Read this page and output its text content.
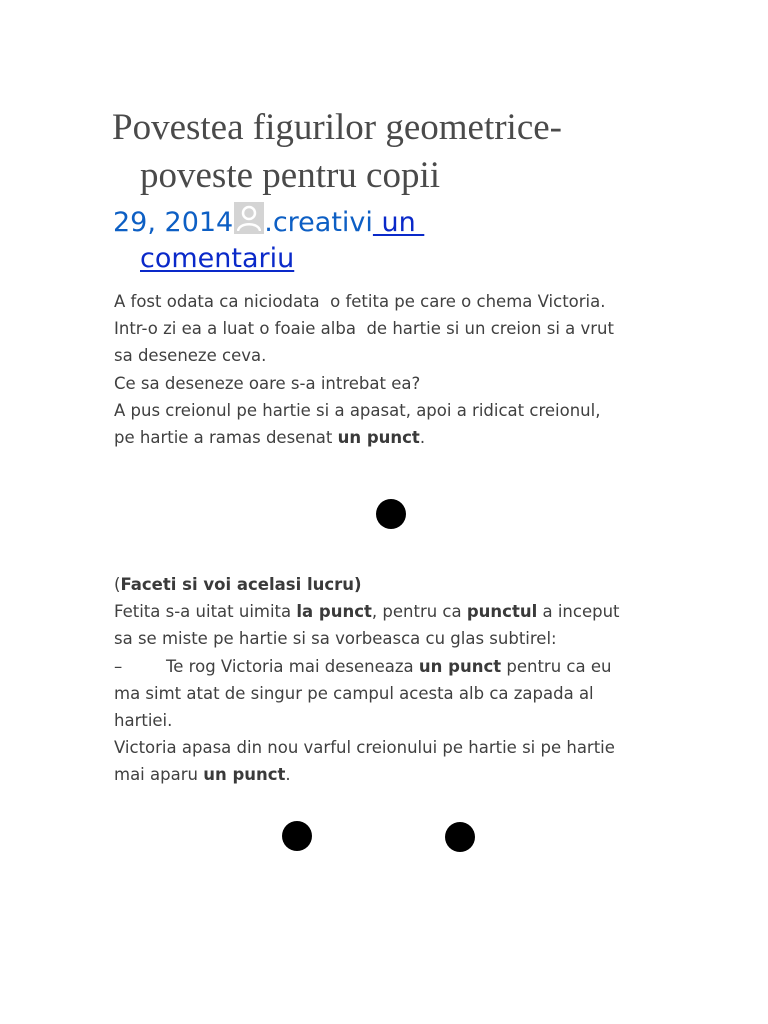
Povestea figurilor geometrice-
poveste pentru copii
29, 2014 .creativi un
comentariu
A fost odata ca niciodata  o fetita pe care o chema Victoria.
Intr-o zi ea a luat o foaie alba  de hartie si un creion si a vrut
sa deseneze ceva.
Ce sa deseneze oare s-a intrebat ea?
A pus creionul pe hartie si a apasat, apoi a ridicat creionul,
pe hartie a ramas desenat un punct.
(Faceti si voi acelasi lucru)
Fetita s-a uitat uimita la punct, pentru ca punctul a inceput
sa se miste pe hartie si sa vorbeasca cu glas subtirel:
–	Te rog Victoria mai deseneaza un punct pentru ca eu
ma simt atat de singur pe campul acesta alb ca zapada al
hartiei.
Victoria apasa din nou varful creionului pe hartie si pe hartie
mai aparu un punct.
